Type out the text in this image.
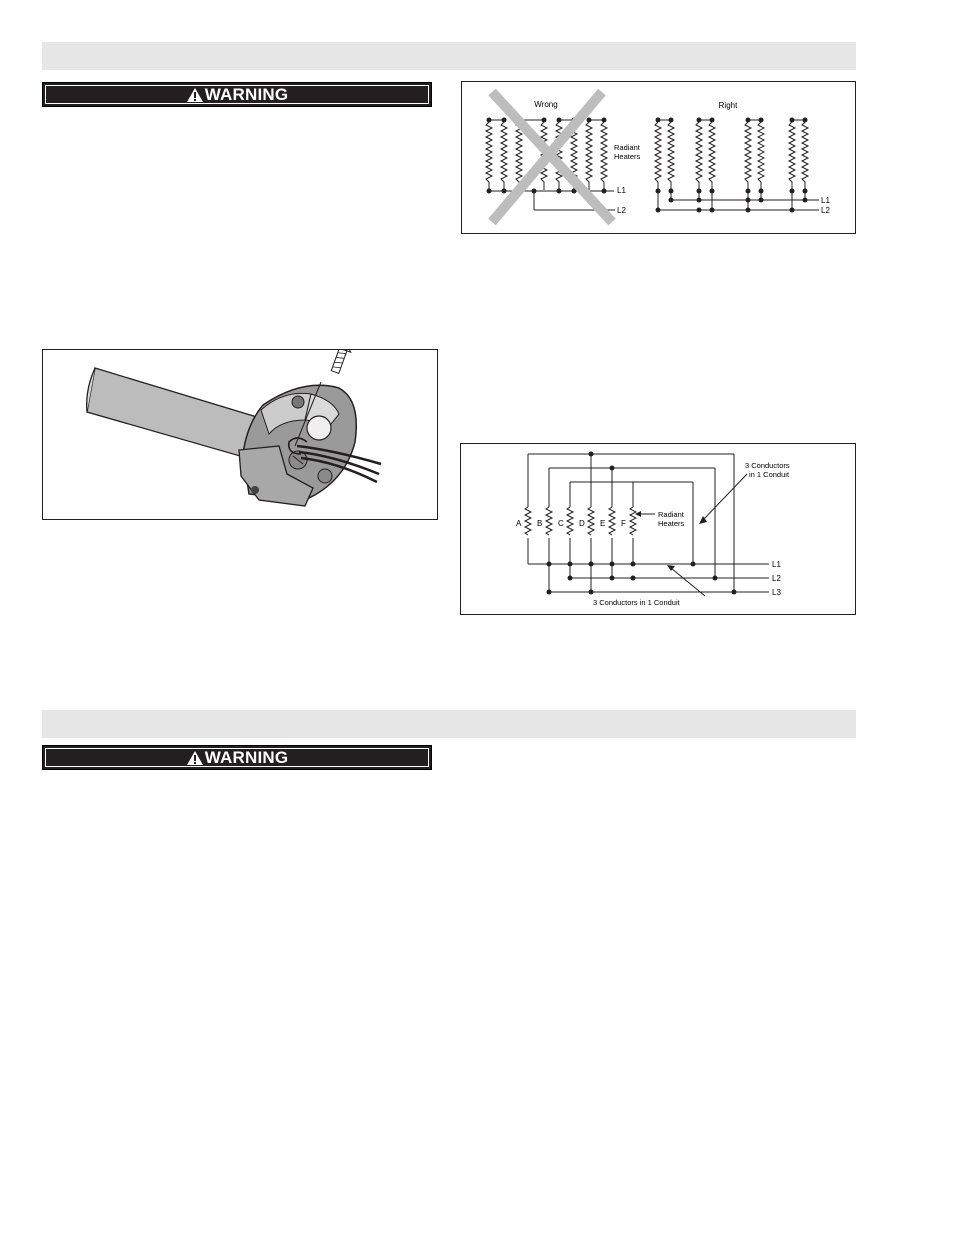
WARNING
WARNING
Wrong	Right
Radiant
Heaters
L1
L2
L1
L2
A B C D E F
Radiant
Heaters
3 Conductors
in 1 Conduit
3 Conductors in 1 Conduit
L1
L2
L3
